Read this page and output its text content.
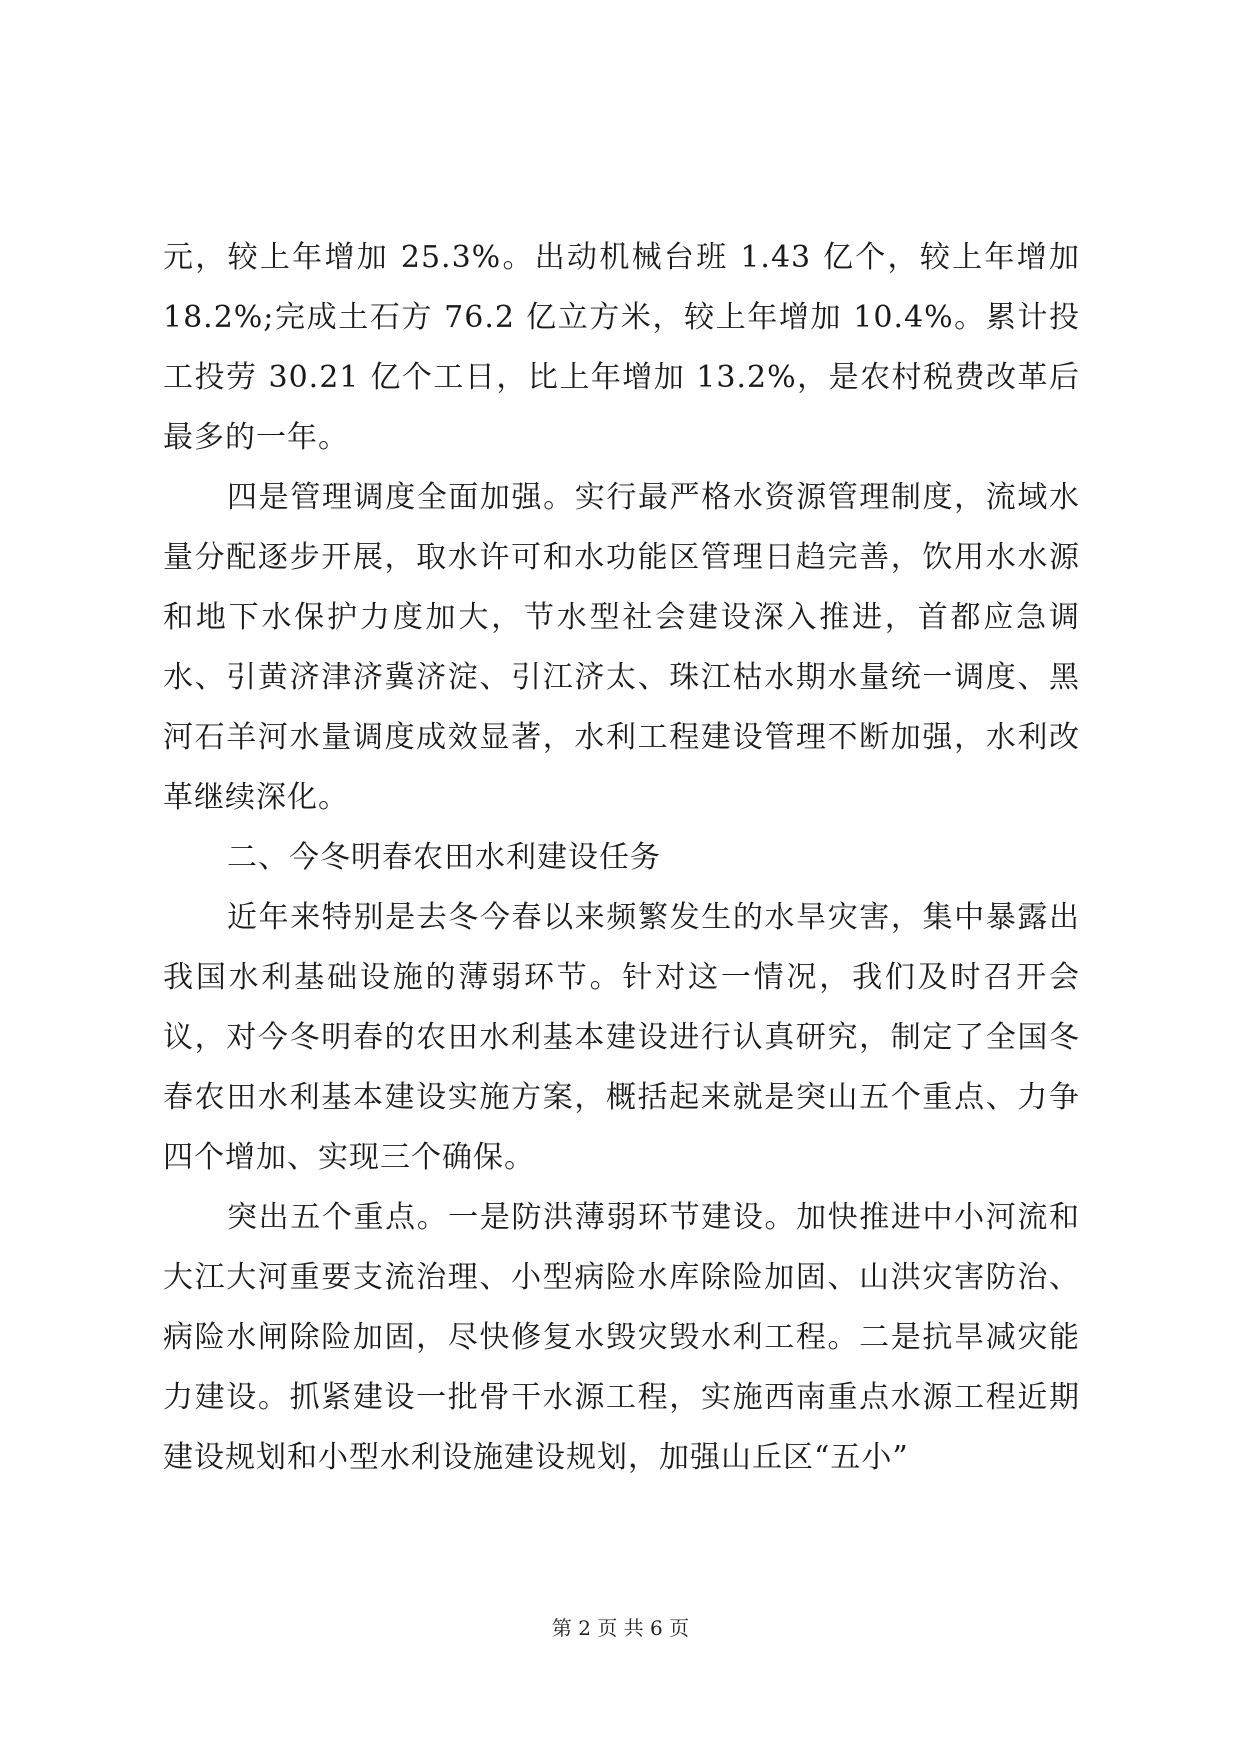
元，较上年增加 25.3%。出动机械台班 1.43 亿个，较上年增加 18.2%;完成土石方 76.2 亿立方米，较上年增加 10.4%。累计投工投劳 30.21 亿个工日，比上年增加 13.2%，是农村税费改革后最多的一年。

四是管理调度全面加强。实行最严格水资源管理制度，流域水量分配逐步开展，取水许可和水功能区管理日趋完善，饮用水水源和地下水保护力度加大，节水型社会建设深入推进，首都应急调水、引黄济津济冀济淀、引江济太、珠江枯水期水量统一调度、黑河石羊河水量调度成效显著，水利工程建设管理不断加强，水利改革继续深化。

二、今冬明春农田水利建设任务

近年来特别是去冬今春以来频繁发生的水旱灾害，集中暴露出我国水利基础设施的薄弱环节。针对这一情况，我们及时召开会议，对今冬明春的农田水利基本建设进行认真研究，制定了全国冬春农田水利基本建设实施方案，概括起来就是突山五个重点、力争四个增加、实现三个确保。

突出五个重点。一是防洪薄弱环节建设。加快推进中小河流和大江大河重要支流治理、小型病险水库除险加固、山洪灾害防治、病险水闸除险加固，尽快修复水毁灾毁水利工程。二是抗旱减灾能力建设。抓紧建设一批骨干水源工程，实施西南重点水源工程近期建设规划和小型水利设施建设规划，加强山丘区“五小”

第 2 页 共 6 页
